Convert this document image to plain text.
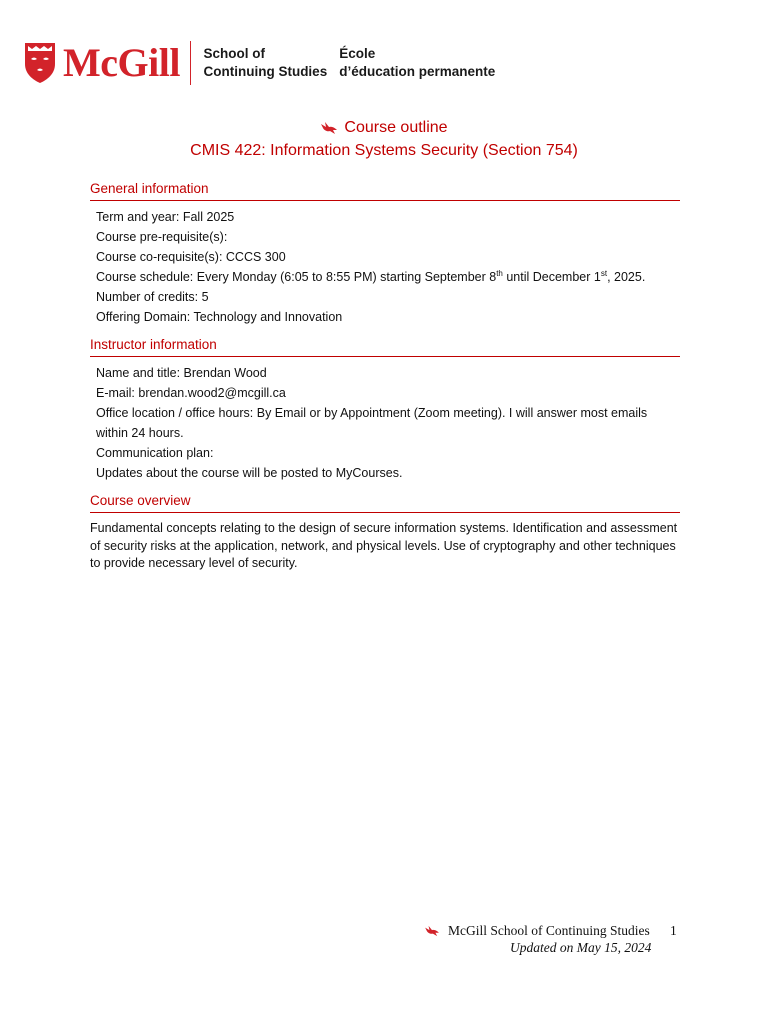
McGill School of
Continuing Studies
École
d’éducation permanente
Course outline
CMIS 422: Information Systems Security (Section 754)
General information
Term and year: Fall 2025
Course pre-requisite(s):
Course co-requisite(s): CCCS 300
Course schedule: Every Monday (6:05 to 8:55 PM) starting September 8th until December 1st, 2025.
Number of credits: 5
Offering Domain: Technology and Innovation
Instructor information
Name and title: Brendan Wood
E-mail: brendan.wood2@mcgill.ca
Office location / office hours: By Email or by Appointment (Zoom meeting). I will answer most emails within 24 hours.
Communication plan:
Updates about the course will be posted to MyCourses.
Course overview
Fundamental concepts relating to the design of secure information systems. Identification and assessment of security risks at the application, network, and physical levels. Use of cryptography and other techniques to provide necessary level of security.
McGill School of Continuing Studies 1
Updated on May 15, 2024
